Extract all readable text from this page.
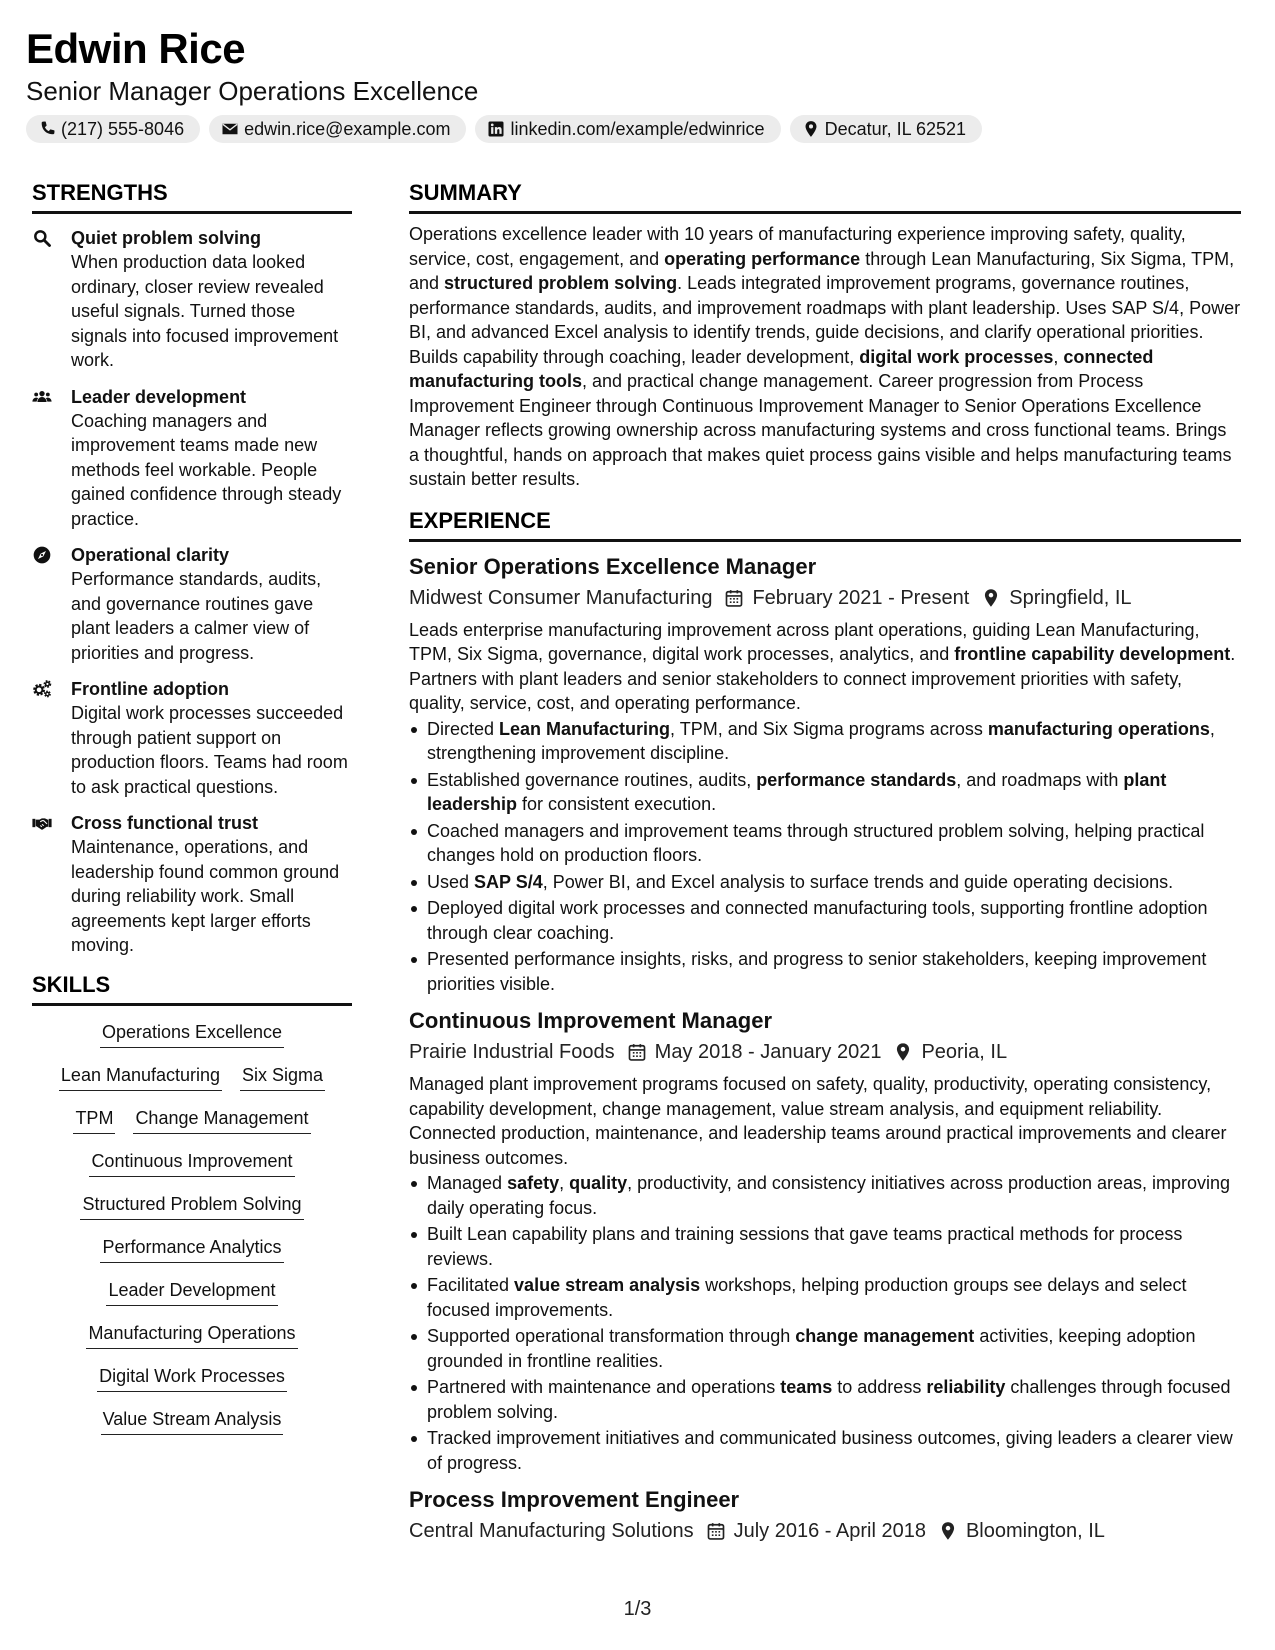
Edwin Rice
Senior Manager Operations Excellence
(217) 555-8046	edwin.rice@example.com	linkedin.com/example/edwinrice	Decatur, IL 62521
STRENGTHS
Quiet problem solving
When production data looked ordinary, closer review revealed useful signals. Turned those signals into focused improvement work.
Leader development
Coaching managers and improvement teams made new methods feel workable. People gained confidence through steady practice.
Operational clarity
Performance standards, audits, and governance routines gave plant leaders a calmer view of priorities and progress.
Frontline adoption
Digital work processes succeeded through patient support on production floors. Teams had room to ask practical questions.
Cross functional trust
Maintenance, operations, and leadership found common ground during reliability work. Small agreements kept larger efforts moving.
SKILLS
Operations Excellence
Lean Manufacturing Six Sigma
TPM Change Management
Continuous Improvement
Structured Problem Solving
Performance Analytics
Leader Development
Manufacturing Operations
Digital Work Processes
Value Stream Analysis
SUMMARY

Operations excellence leader with 10 years of manufacturing experience improving safety, quality, service, cost, engagement, and operating performance through Lean Manufacturing, Six Sigma, TPM, and structured problem solving. Leads integrated improvement programs, governance routines, performance standards, audits, and improvement roadmaps with plant leadership. Uses SAP S/4, Power BI, and advanced Excel analysis to identify trends, guide decisions, and clarify operational priorities. Builds capability through coaching, leader development, digital work processes, connected manufacturing tools, and practical change management. Career progression from Process Improvement Engineer through Continuous Improvement Manager to Senior Operations Excellence Manager reflects growing ownership across manufacturing systems and cross functional teams. Brings a thoughtful, hands on approach that makes quiet process gains visible and helps manufacturing teams sustain better results.

EXPERIENCE
Senior Operations Excellence Manager
Midwest Consumer Manufacturing February 2021 - Present Springfield, IL

Leads enterprise manufacturing improvement across plant operations, guiding Lean Manufacturing, TPM, Six Sigma, governance, digital work processes, analytics, and frontline capability development. Partners with plant leaders and senior stakeholders to connect improvement priorities with safety, quality, service, cost, and operating performance.

Directed Lean Manufacturing, TPM, and Six Sigma programs across manufacturing operations, strengthening improvement discipline.
Established governance routines, audits, performance standards, and roadmaps with plant leadership for consistent execution.
Coached managers and improvement teams through structured problem solving, helping practical changes hold on production floors.
Used SAP S/4, Power BI, and Excel analysis to surface trends and guide operating decisions.
Deployed digital work processes and connected manufacturing tools, supporting frontline adoption through clear coaching.
Presented performance insights, risks, and progress to senior stakeholders, keeping improvement priorities visible.
Continuous Improvement Manager
Prairie Industrial Foods May 2018 - January 2021 Peoria, IL

Managed plant improvement programs focused on safety, quality, productivity, operating consistency, capability development, change management, value stream analysis, and equipment reliability. Connected production, maintenance, and leadership teams around practical improvements and clearer business outcomes.

Managed safety, quality, productivity, and consistency initiatives across production areas, improving daily operating focus.
Built Lean capability plans and training sessions that gave teams practical methods for process reviews.
Facilitated value stream analysis workshops, helping production groups see delays and select focused improvements.
Supported operational transformation through change management activities, keeping adoption grounded in frontline realities.
Partnered with maintenance and operations teams to address reliability challenges through focused problem solving.
Tracked improvement initiatives and communicated business outcomes, giving leaders a clearer view of progress.
Process Improvement Engineer
Central Manufacturing Solutions July 2016 - April 2018 Bloomington, IL
1/3
